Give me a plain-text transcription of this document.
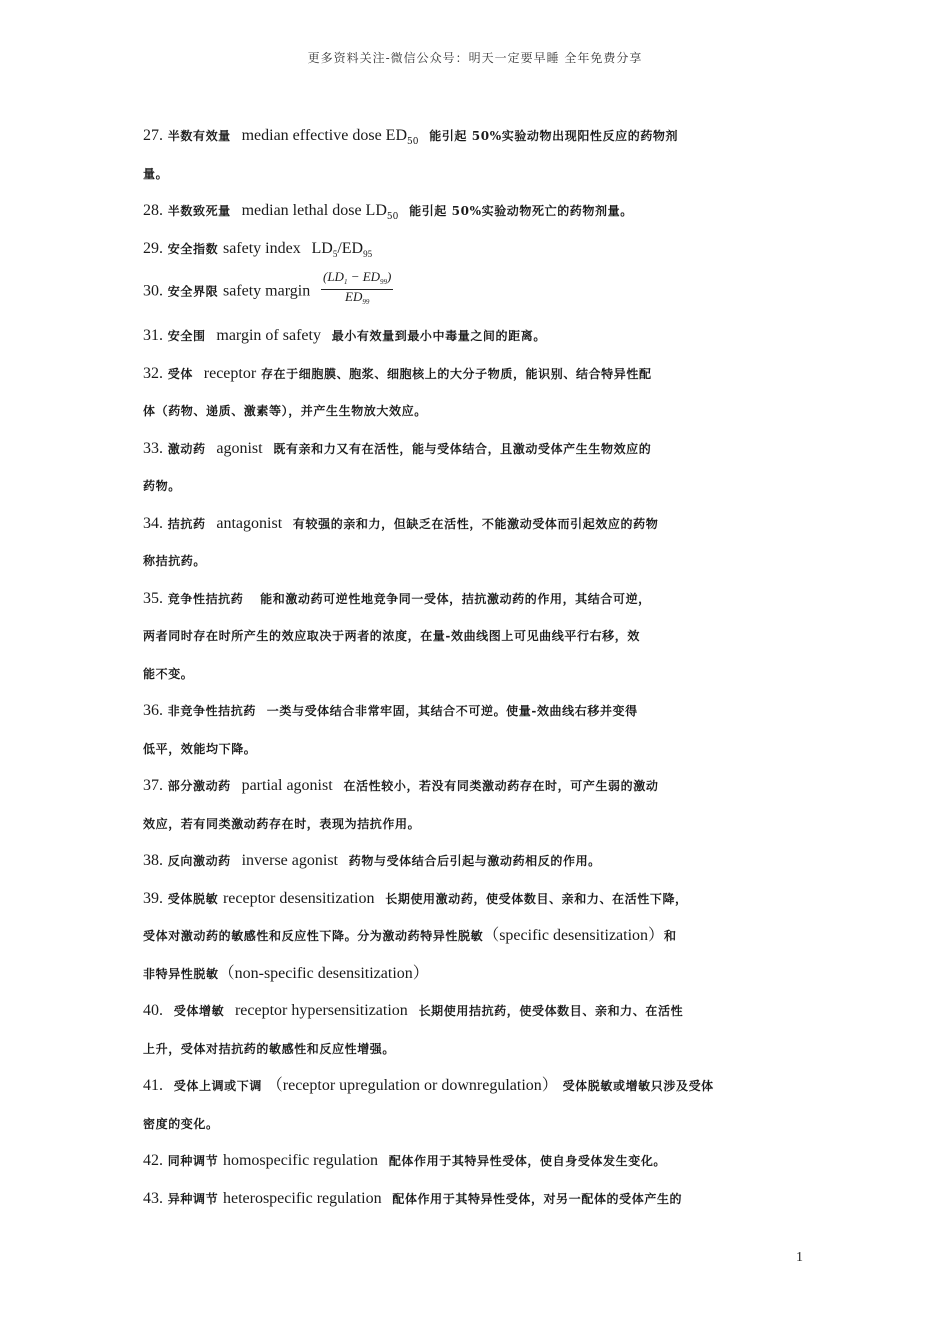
更多资料关注-微信公众号：明天一定要早睡 全年免费分享
27. 半数有效量 median effective dose $ED_{50}$ 能引起 50%实验动物出现阳性反应的药物剂
量。
28. 半数致死量 median lethal dose $LD_{50}$ 能引起 50%实验动物死亡的药物剂量。
29. 安全指数 safety index $LD_5/ED_{95}$
30. 安全界限 safety margin $\frac{(LD_1 - ED_{99})}{ED_{99}}$
31. 安全围 margin of safety 最小有效量到最小中毒量之间的距离。
32. 受体 receptor 存在于细胞膜、胞浆、细胞核上的大分子物质，能识别、结合特异性配
体（药物、递质、激素等），并产生生物放大效应。
33. 激动药 agonist 既有亲和力又有在活性，能与受体结合，且激动受体产生生物效应的
药物。
34. 拮抗药 antagonist 有较强的亲和力，但缺乏在活性，不能激动受体而引起效应的药物
称拮抗药。
35. 竞争性拮抗药 能和激动药可逆性地竞争同一受体，拮抗激动药的作用，其结合可逆，
两者同时存在时所产生的效应取决于两者的浓度，在量-效曲线图上可见曲线平行右移，效
能不变。
36. 非竞争性拮抗药 一类与受体结合非常牢固，其结合不可逆。使量-效曲线右移并变得
低平，效能均下降。
37. 部分激动药 partial agonist 在活性较小，若没有同类激动药存在时，可产生弱的激动
效应，若有同类激动药存在时，表现为拮抗作用。
38. 反向激动药 inverse agonist 药物与受体结合后引起与激动药相反的作用。
39. 受体脱敏 receptor desensitization 长期使用激动药，使受体数目、亲和力、在活性下降，
受体对激动药的敏感性和反应性下降。分为激动药特异性脱敏（specific desensitization）和
非特异性脱敏（non-specific desensitization）
40. 受体增敏 receptor hypersensitization 长期使用拮抗药，使受体数目、亲和力、在活性
上升，受体对拮抗药的敏感性和反应性增强。
41. 受体上调或下调 （receptor upregulation or downregulation） 受体脱敏或增敏只涉及受体
密度的变化。
42. 同种调节 homospecific regulation 配体作用于其特异性受体，使自身受体发生变化。
43. 异种调节 heterospecific regulation 配体作用于其特异性受体，对另一配体的受体产生的
1
